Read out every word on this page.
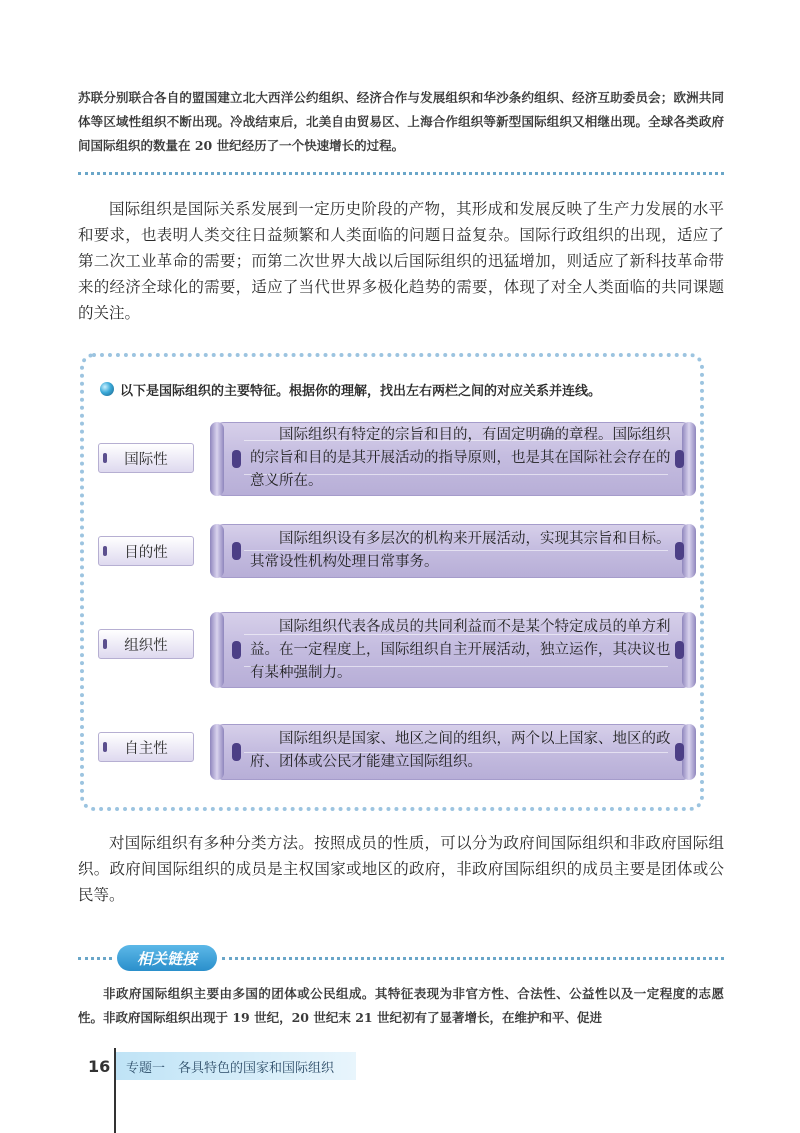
苏联分别联合各自的盟国建立北大西洋公约组织、经济合作与发展组织和华沙条约组织、经济互助委员会；欧洲共同体等区域性组织不断出现。冷战结束后，北美自由贸易区、上海合作组织等新型国际组织又相继出现。全球各类政府间国际组织的数量在 20 世纪经历了一个快速增长的过程。
国际组织是国际关系发展到一定历史阶段的产物，其形成和发展反映了生产力发展的水平和要求，也表明人类交往日益频繁和人类面临的问题日益复杂。国际行政组织的出现，适应了第二次工业革命的需要；而第二次世界大战以后国际组织的迅猛增加，则适应了新科技革命带来的经济全球化的需要，适应了当代世界多极化趋势的需要，体现了对全人类面临的共同课题的关注。
以下是国际组织的主要特征。根据你的理解，找出左右两栏之间的对应关系并连线。
国际性
国际组织有特定的宗旨和目的，有固定明确的章程。国际组织的宗旨和目的是其开展活动的指导原则，也是其在国际社会存在的意义所在。
目的性
国际组织设有多层次的机构来开展活动，实现其宗旨和目标。其常设性机构处理日常事务。
组织性
国际组织代表各成员的共同利益而不是某个特定成员的单方利益。在一定程度上，国际组织自主开展活动，独立运作，其决议也有某种强制力。
自主性
国际组织是国家、地区之间的组织，两个以上国家、地区的政府、团体或公民才能建立国际组织。
对国际组织有多种分类方法。按照成员的性质，可以分为政府间国际组织和非政府国际组织。政府间国际组织的成员是主权国家或地区的政府，非政府国际组织的成员主要是团体或公民等。
相关链接
非政府国际组织主要由多国的团体或公民组成。其特征表现为非官方性、合法性、公益性以及一定程度的志愿性。非政府国际组织出现于 19 世纪，20 世纪末 21 世纪初有了显著增长，在维护和平、促进
16 专题一　各具特色的国家和国际组织
